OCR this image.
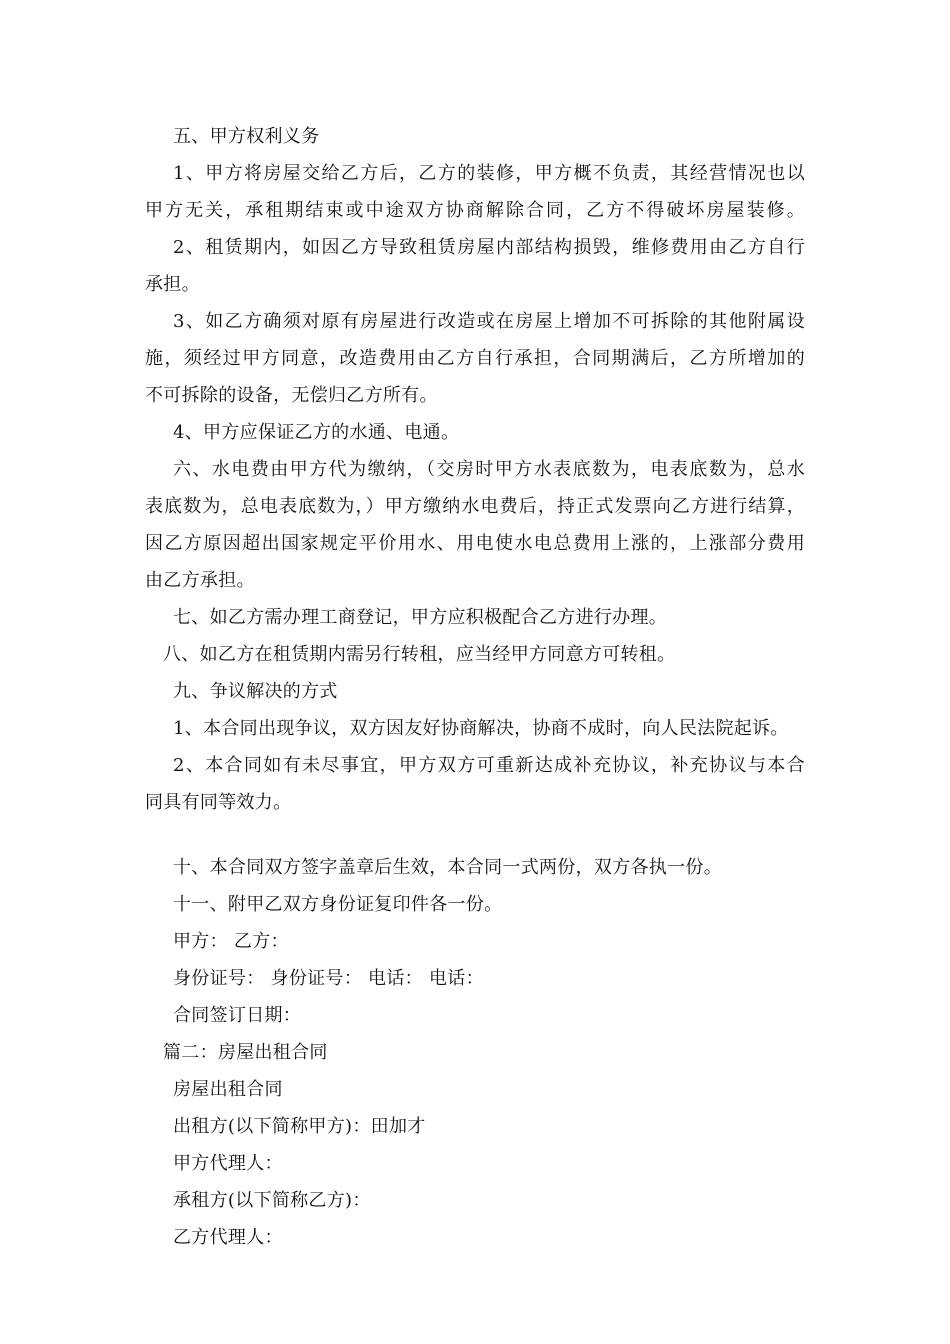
五、甲方权利义务
1、甲方将房屋交给乙方后，乙方的装修，甲方概不负责，其经营情况也以
甲方无关，承租期结束或中途双方协商解除合同，乙方不得破坏房屋装修。
2、租赁期内，如因乙方导致租赁房屋内部结构损毁，维修费用由乙方自行
承担。
3、如乙方确须对原有房屋进行改造或在房屋上增加不可拆除的其他附属设
施，须经过甲方同意，改造费用由乙方自行承担，合同期满后，乙方所增加的
不可拆除的设备，无偿归乙方所有。
4、甲方应保证乙方的水通、电通。
六、水电费由甲方代为缴纳，（交房时甲方水表底数为，电表底数为，总水
表底数为，总电表底数为，）甲方缴纳水电费后，持正式发票向乙方进行结算，
因乙方原因超出国家规定平价用水、用电使水电总费用上涨的，上涨部分费用
由乙方承担。
七、如乙方需办理工商登记，甲方应积极配合乙方进行办理。
八、如乙方在租赁期内需另行转租，应当经甲方同意方可转租。
九、争议解决的方式
1、本合同出现争议，双方因友好协商解决，协商不成时，向人民法院起诉。
2、本合同如有未尽事宜，甲方双方可重新达成补充协议，补充协议与本合
同具有同等效力。
十、本合同双方签字盖章后生效，本合同一式两份，双方各执一份。
十一、附甲乙双方身份证复印件各一份。
甲方： 乙方：
身份证号： 身份证号： 电话： 电话：
合同签订日期：
篇二：房屋出租合同
房屋出租合同
出租方(以下简称甲方)：田加才
甲方代理人：
承租方(以下简称乙方)：
乙方代理人：
